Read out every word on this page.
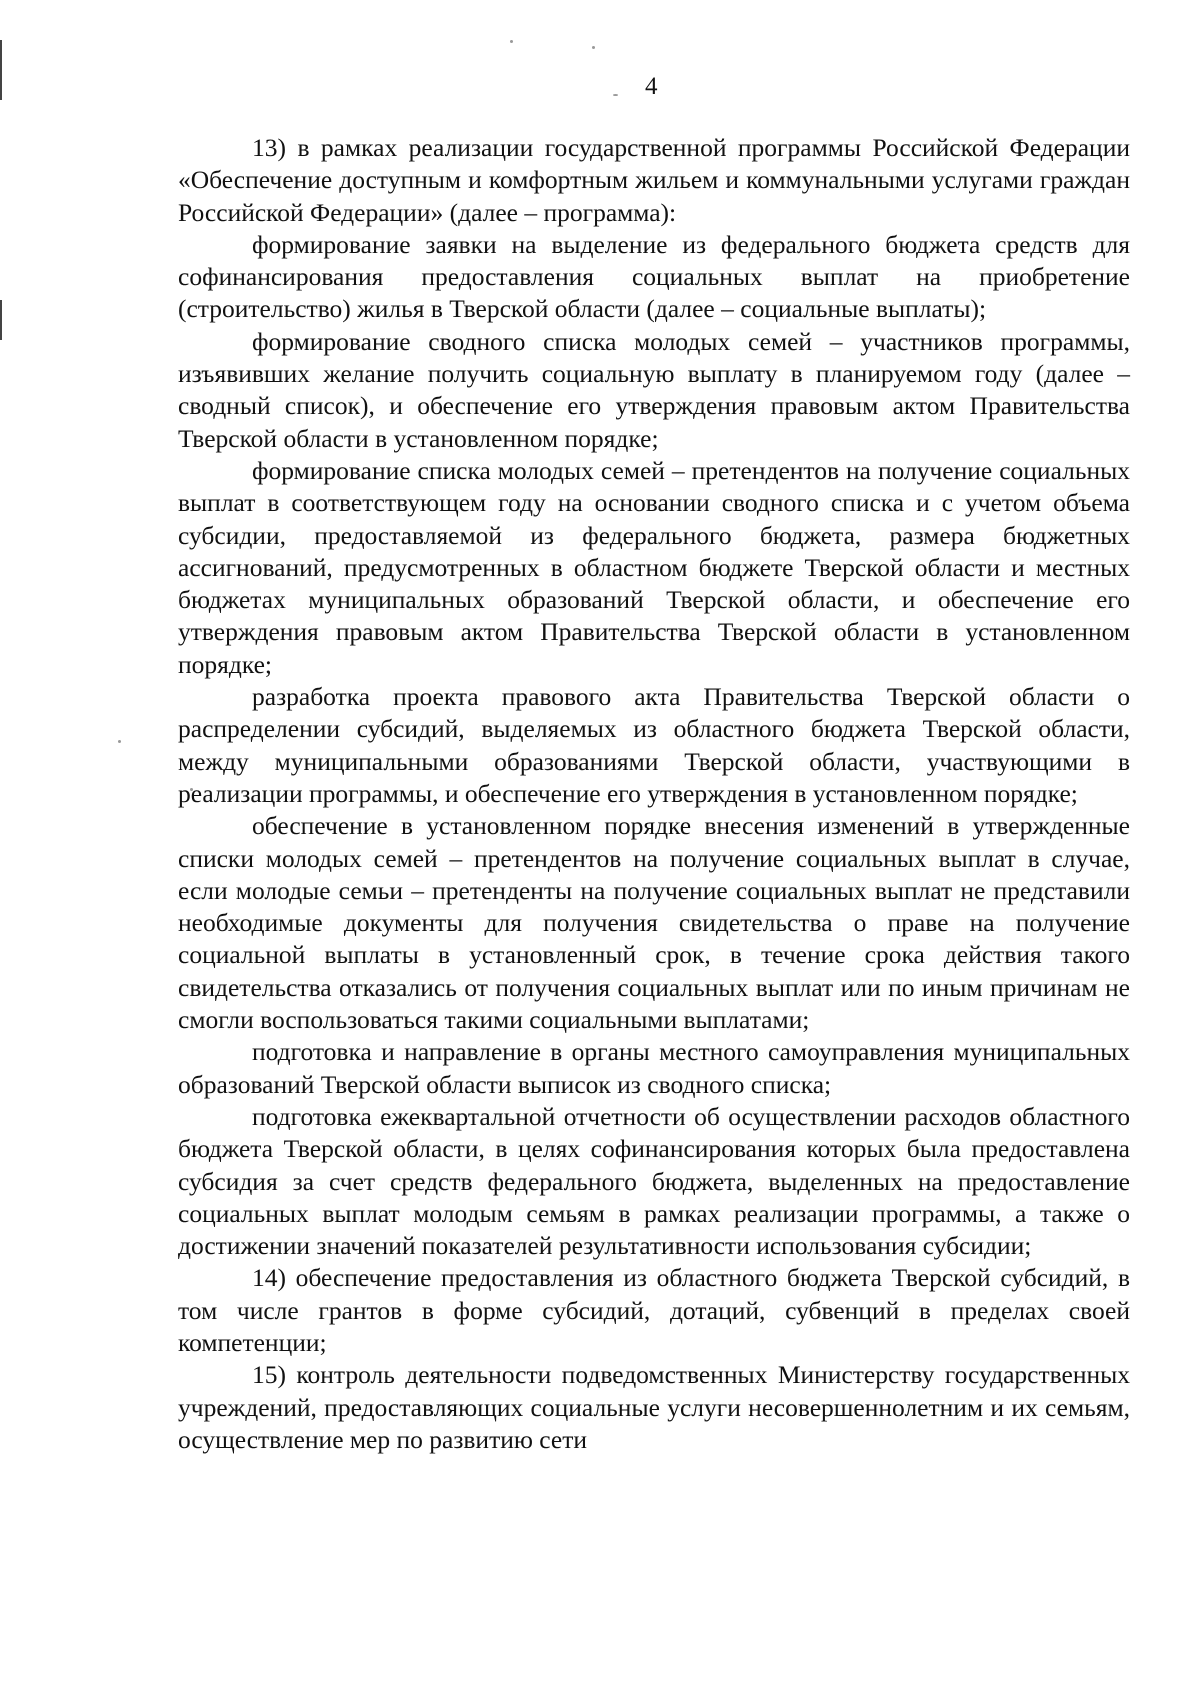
4

13) в рамках реализации государственной программы Российской Федерации «Обеспечение доступным и комфортным жильем и коммунальными услугами граждан Российской Федерации» (далее – программа):

формирование заявки на выделение из федерального бюджета средств для софинансирования предоставления социальных выплат на приобретение (строительство) жилья в Тверской области (далее – социальные выплаты);

формирование сводного списка молодых семей – участников программы, изъявивших желание получить социальную выплату в планируемом году (далее – сводный список), и обеспечение его утверждения правовым актом Правительства Тверской области в установленном порядке;

формирование списка молодых семей – претендентов на получение социальных выплат в соответствующем году на основании сводного списка и с учетом объема субсидии, предоставляемой из федерального бюджета, размера бюджетных ассигнований, предусмотренных в областном бюджете Тверской области и местных бюджетах муниципальных образований Тверской области, и обеспечение его утверждения правовым актом Правительства Тверской области в установленном порядке;

разработка проекта правового акта Правительства Тверской области о распределении субсидий, выделяемых из областного бюджета Тверской области, между муниципальными образованиями Тверской области, участвующими в реализации программы, и обеспечение его утверждения в установленном порядке;

обеспечение в установленном порядке внесения изменений в утвержденные списки молодых семей – претендентов на получение социальных выплат в случае, если молодые семьи – претенденты на получение социальных выплат не представили необходимые документы для получения свидетельства о праве на получение социальной выплаты в установленный срок, в течение срока действия такого свидетельства отказались от получения социальных выплат или по иным причинам не смогли воспользоваться такими социальными выплатами;

подготовка и направление в органы местного самоуправления муниципальных образований Тверской области выписок из сводного списка;

подготовка ежеквартальной отчетности об осуществлении расходов областного бюджета Тверской области, в целях софинансирования которых была предоставлена субсидия за счет средств федерального бюджета, выделенных на предоставление социальных выплат молодым семьям в рамках реализации программы, а также о достижении значений показателей результативности использования субсидии;

14) обеспечение предоставления из областного бюджета Тверской субсидий, в том числе грантов в форме субсидий, дотаций, субвенций в пределах своей компетенции;

15) контроль деятельности подведомственных Министерству государственных учреждений, предоставляющих социальные услуги несовершеннолетним и их семьям, осуществление мер по развитию сети
